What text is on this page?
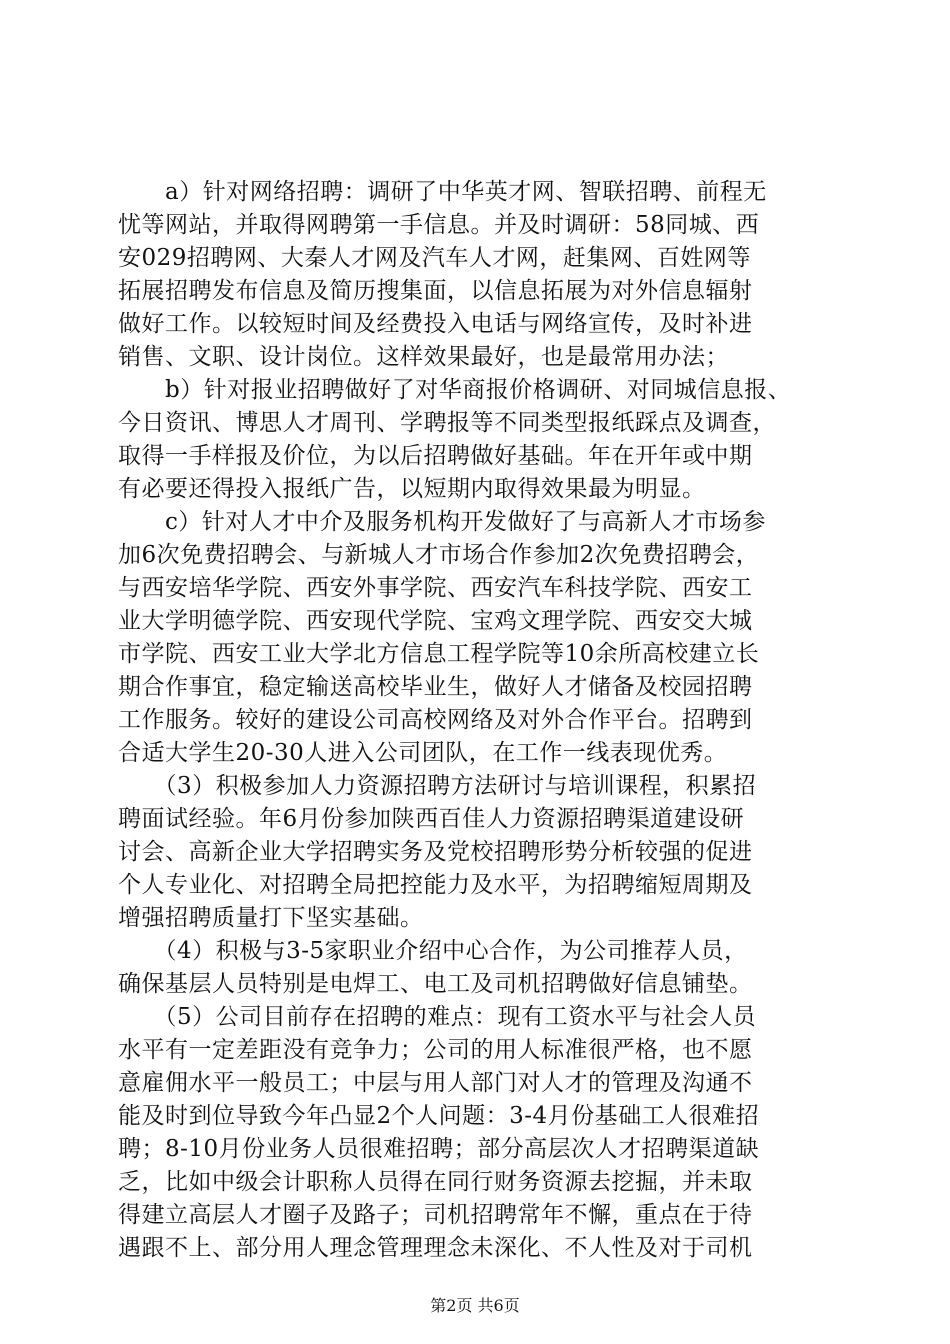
　　a）针对网络招聘：调研了中华英才网、智联招聘、前程无
忧等网站，并取得网聘第一手信息。并及时调研：58同城、西
安029招聘网、大秦人才网及汽车人才网，赶集网、百姓网等
拓展招聘发布信息及简历搜集面，以信息拓展为对外信息辐射
做好工作。以较短时间及经费投入电话与网络宣传，及时补进
销售、文职、设计岗位。这样效果最好，也是最常用办法；
　　b）针对报业招聘做好了对华商报价格调研、对同城信息报、
今日资讯、博思人才周刊、学聘报等不同类型报纸踩点及调查，
取得一手样报及价位，为以后招聘做好基础。年在开年或中期
有必要还得投入报纸广告，以短期内取得效果最为明显。
　　c）针对人才中介及服务机构开发做好了与高新人才市场参
加6次免费招聘会、与新城人才市场合作参加2次免费招聘会，
与西安培华学院、西安外事学院、西安汽车科技学院、西安工
业大学明德学院、西安现代学院、宝鸡文理学院、西安交大城
市学院、西安工业大学北方信息工程学院等10余所高校建立长
期合作事宜，稳定输送高校毕业生，做好人才储备及校园招聘
工作服务。较好的建设公司高校网络及对外合作平台。招聘到
合适大学生20-30人进入公司团队，在工作一线表现优秀。
　　（3）积极参加人力资源招聘方法研讨与培训课程，积累招
聘面试经验。年6月份参加陕西百佳人力资源招聘渠道建设研
讨会、高新企业大学招聘实务及党校招聘形势分析较强的促进
个人专业化、对招聘全局把控能力及水平，为招聘缩短周期及
增强招聘质量打下坚实基础。
　　（4）积极与3-5家职业介绍中心合作，为公司推荐人员，
确保基层人员特别是电焊工、电工及司机招聘做好信息铺垫。
　　（5）公司目前存在招聘的难点：现有工资水平与社会人员
水平有一定差距没有竞争力；公司的用人标准很严格，也不愿
意雇佣水平一般员工；中层与用人部门对人才的管理及沟通不
能及时到位导致今年凸显2个人问题：3-4月份基础工人很难招
聘；8-10月份业务人员很难招聘；部分高层次人才招聘渠道缺
乏，比如中级会计职称人员得在同行财务资源去挖掘，并未取
得建立高层人才圈子及路子；司机招聘常年不懈，重点在于待
遇跟不上、部分用人理念管理理念未深化、不人性及对于司机
第2页 共6页
